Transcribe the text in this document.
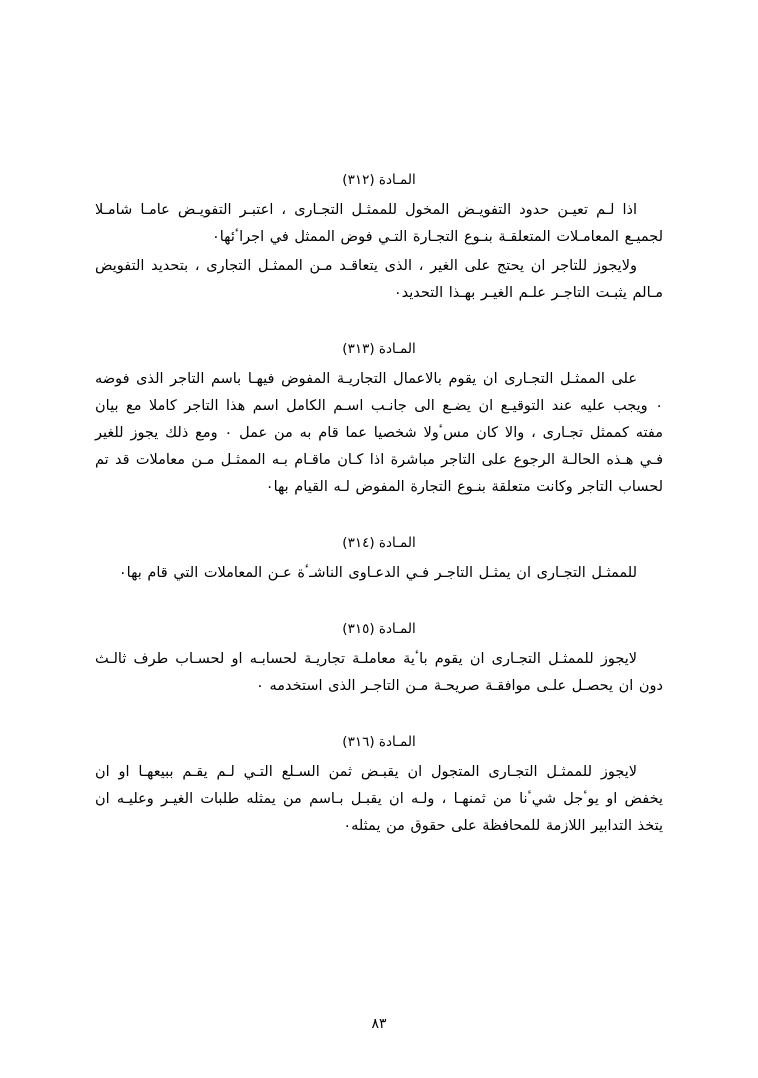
المـادة (٣١٢)

اذا لـم تعيـن حدود التفويـض المخول للممثـل التجـارى ، اعتبـر التفويـض عامـا شامـلا لجميـع المعامـلات المتعلقـة بنـوع التجـارة التـي فوض الممثل في اجراٴئها٠

ولايجوز للتاجر ان يحتج على الغير ، الذى يتعاقـد مـن الممثـل التجارى ، بتحديد التفويض مـالم يثبـت التاجـر علـم الغيـر بهـذا التحديد٠

المـادة (٣١٣)

على الممثـل التجـارى ان يقوم بالاعمال التجاريـة المفوض فيهـا باسم التاجر الذى فوضه ٠ ويجب عليه عند التوقيـع ان يضـع الى جانـب اسـم الكامل اسم هذا التاجر كاملا مع بيان مفته كممثل تجـارى ، والا كان مسٴولا شخصيا عما قام به من عمل ٠ ومع ذلك يجوز للغير فـي هـذه الحالـة الرجوع على التاجر مباشرة اذا كـان ماقـام بـه الممثـل مـن معاملات قد تم لحساب التاجر وكانت متعلقة بنـوع التجارة المفوض لـه القيام بها٠

المـادة (٣١٤)

للممثـل التجـارى ان يمثـل التاجـر فـي الدعـاوى الناشـٴة عـن المعاملات التي قام بها٠

المـادة (٣١٥)

لايجوز للممثـل التجـارى ان يقوم باٴية معاملـة تجاريـة لحسابـه او لحسـاب طرف ثالـث دون ان يحصـل علـى موافقـة صريحـة مـن التاجـر الذى استخدمه ٠

المـادة (٣١٦)

لايجوز للممثـل التجـارى المتجول ان يقبـض ثمن السـلع التـي لـم يقـم ببيعهـا او ان يخفض او يوٴجل شيٴنا من ثمنهـا ، ولـه ان يقبـل بـاسم من يمثله طلبات الغيـر وعليـه ان يتخذ التدابير اللازمة للمحافظة على حقوق من يمثله٠

٨٣
